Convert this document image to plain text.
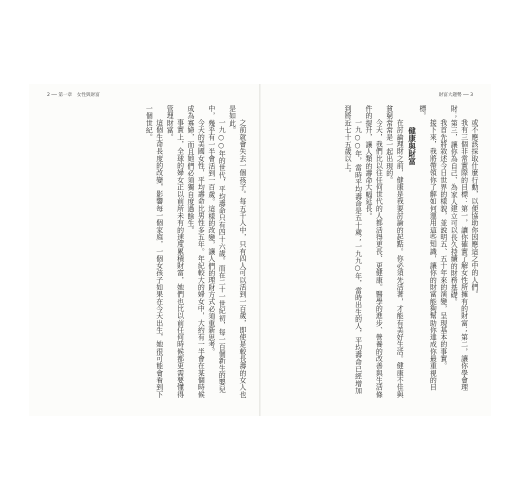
2 ── 第一章　女性與財富

之前就會失去一個孩子。每五千人中，只有四人可以活到一百歲，即使是較長壽的女人也是如此。

一九○○年的世代，平均壽命只有四十六歲。而在二十一世紀初，每一百個新生的嬰兒中，幾乎有一半會活到一百歲。這樣的改變，讓人們的理財方式必須重新思考。

今天的美國女性，平均壽命比男性多五年。年紀較大的婦女中，大約有一半會在某個時候成為寡婦，而且她們必須獨自度過餘生。

事實上，全球的婦女正以前所未有的速度累積財富，她們也比以前任何時候都更需要懂得管理財富。

這個生命長度的改變，影響每一個家庭，一個女孩子如果在今天出生，她很可能會看到下一個世紀。

財富大趨勢 ── 3

或不應該採取什麼行動，以便協助你因應這之中的人們。

我有三個非常實際的目標：第一，讓你確實了解女性所擁有的財富；第二，讓你學會理財；第三，讓你為自己、為家人建立可以長久持續的財務基礎。

我首先將敘述今日世界的樣貌，並說明五、五十年來的演變，呈現基本的事實。

接下來，我將帶領你了解如何運用這些知識，讓你的財富能夠幫助你達成你最重視的目標。

健康與財富

在討論理財之前，健康是我要討論的起點。你必須先活著，才能有美好生活。健康不佳與貧窮常常是一起出現的。

今天，我們比以往任何世代的人都活得更長、更健康。醫學的進步、營養的改善與生活條件的提升，讓人類的壽命大幅延長。

一九○○年，當時平均壽命是五十歲；一九九○年，當時出生的人，平均壽命已經增加到將近七十五歲以上。
